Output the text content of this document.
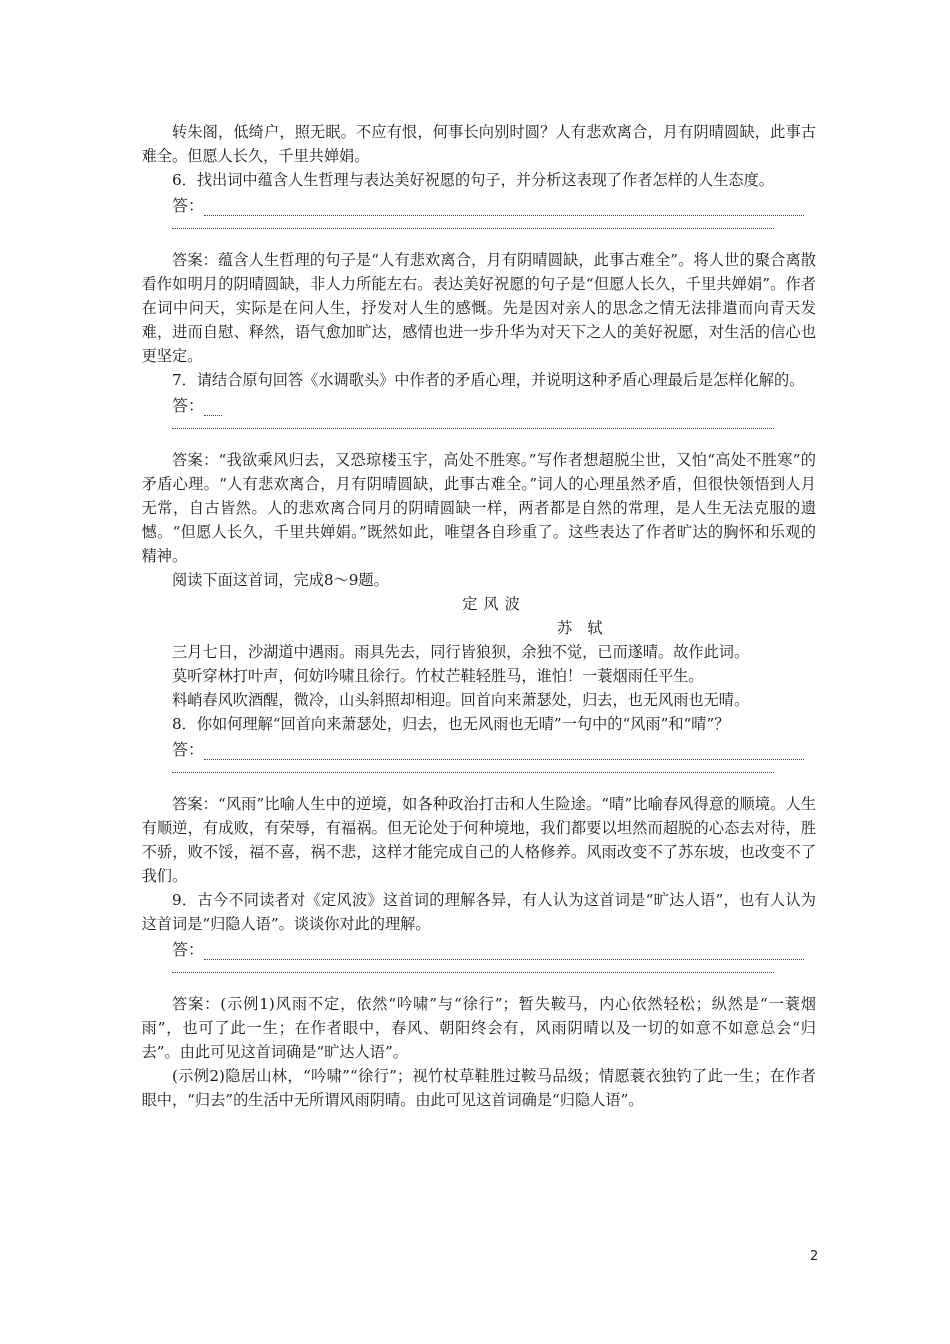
转朱阁，低绮户，照无眠。不应有恨，何事长向别时圆？人有悲欢离合，月有阴晴圆缺，此事古难全。但愿人长久，千里共婵娟。

6．找出词中蕴含人生哲理与表达美好祝愿的句子，并分析这表现了作者怎样的人生态度。

答：

答案：蕴含人生哲理的句子是“人有悲欢离合，月有阴晴圆缺，此事古难全”。将人世的聚合离散看作如明月的阴晴圆缺，非人力所能左右。表达美好祝愿的句子是“但愿人长久，千里共婵娟”。作者在词中问天，实际是在问人生，抒发对人生的感慨。先是因对亲人的思念之情无法排遣而向青天发难，进而自慰、释然，语气愈加旷达，感情也进一步升华为对天下之人的美好祝愿，对生活的信心也更坚定。

7．请结合原句回答《水调歌头》中作者的矛盾心理，并说明这种矛盾心理最后是怎样化解的。

答：

答案：“我欲乘风归去，又恐琼楼玉宇，高处不胜寒。”写作者想超脱尘世，又怕“高处不胜寒”的矛盾心理。“人有悲欢离合，月有阴晴圆缺，此事古难全。”词人的心理虽然矛盾，但很快领悟到人月无常，自古皆然。人的悲欢离合同月的阴晴圆缺一样，两者都是自然的常理，是人生无法克服的遗憾。“但愿人长久，千里共婵娟。”既然如此，唯望各自珍重了。这些表达了作者旷达的胸怀和乐观的精神。

阅读下面这首词，完成8～9题。

定风波

苏　轼

三月七日，沙湖道中遇雨。雨具先去，同行皆狼狈，余独不觉，已而遂晴。故作此词。

莫听穿林打叶声，何妨吟啸且徐行。竹杖芒鞋轻胜马，谁怕！一蓑烟雨任平生。

料峭春风吹酒醒，微冷，山头斜照却相迎。回首向来萧瑟处，归去，也无风雨也无晴。

8．你如何理解“回首向来萧瑟处，归去，也无风雨也无晴”一句中的“风雨”和“晴”？

答：

答案：“风雨”比喻人生中的逆境，如各种政治打击和人生险途。“晴”比喻春风得意的顺境。人生有顺逆，有成败，有荣辱，有福祸。但无论处于何种境地，我们都要以坦然而超脱的心态去对待，胜不骄，败不馁，福不喜，祸不悲，这样才能完成自己的人格修养。风雨改变不了苏东坡，也改变不了我们。

9．古今不同读者对《定风波》这首词的理解各异，有人认为这首词是“旷达人语”，也有人认为这首词是“归隐人语”。谈谈你对此的理解。

答：

答案：(示例1)风雨不定，依然“吟啸”与“徐行”；暂失鞍马，内心依然轻松；纵然是“一蓑烟雨”，也可了此一生；在作者眼中，春风、朝阳终会有，风雨阴晴以及一切的如意不如意总会“归去”。由此可见这首词确是“旷达人语”。

(示例2)隐居山林，“吟啸”“徐行”；视竹杖草鞋胜过鞍马品级；情愿蓑衣独钓了此一生；在作者眼中，“归去”的生活中无所谓风雨阴晴。由此可见这首词确是“归隐人语”。

2
